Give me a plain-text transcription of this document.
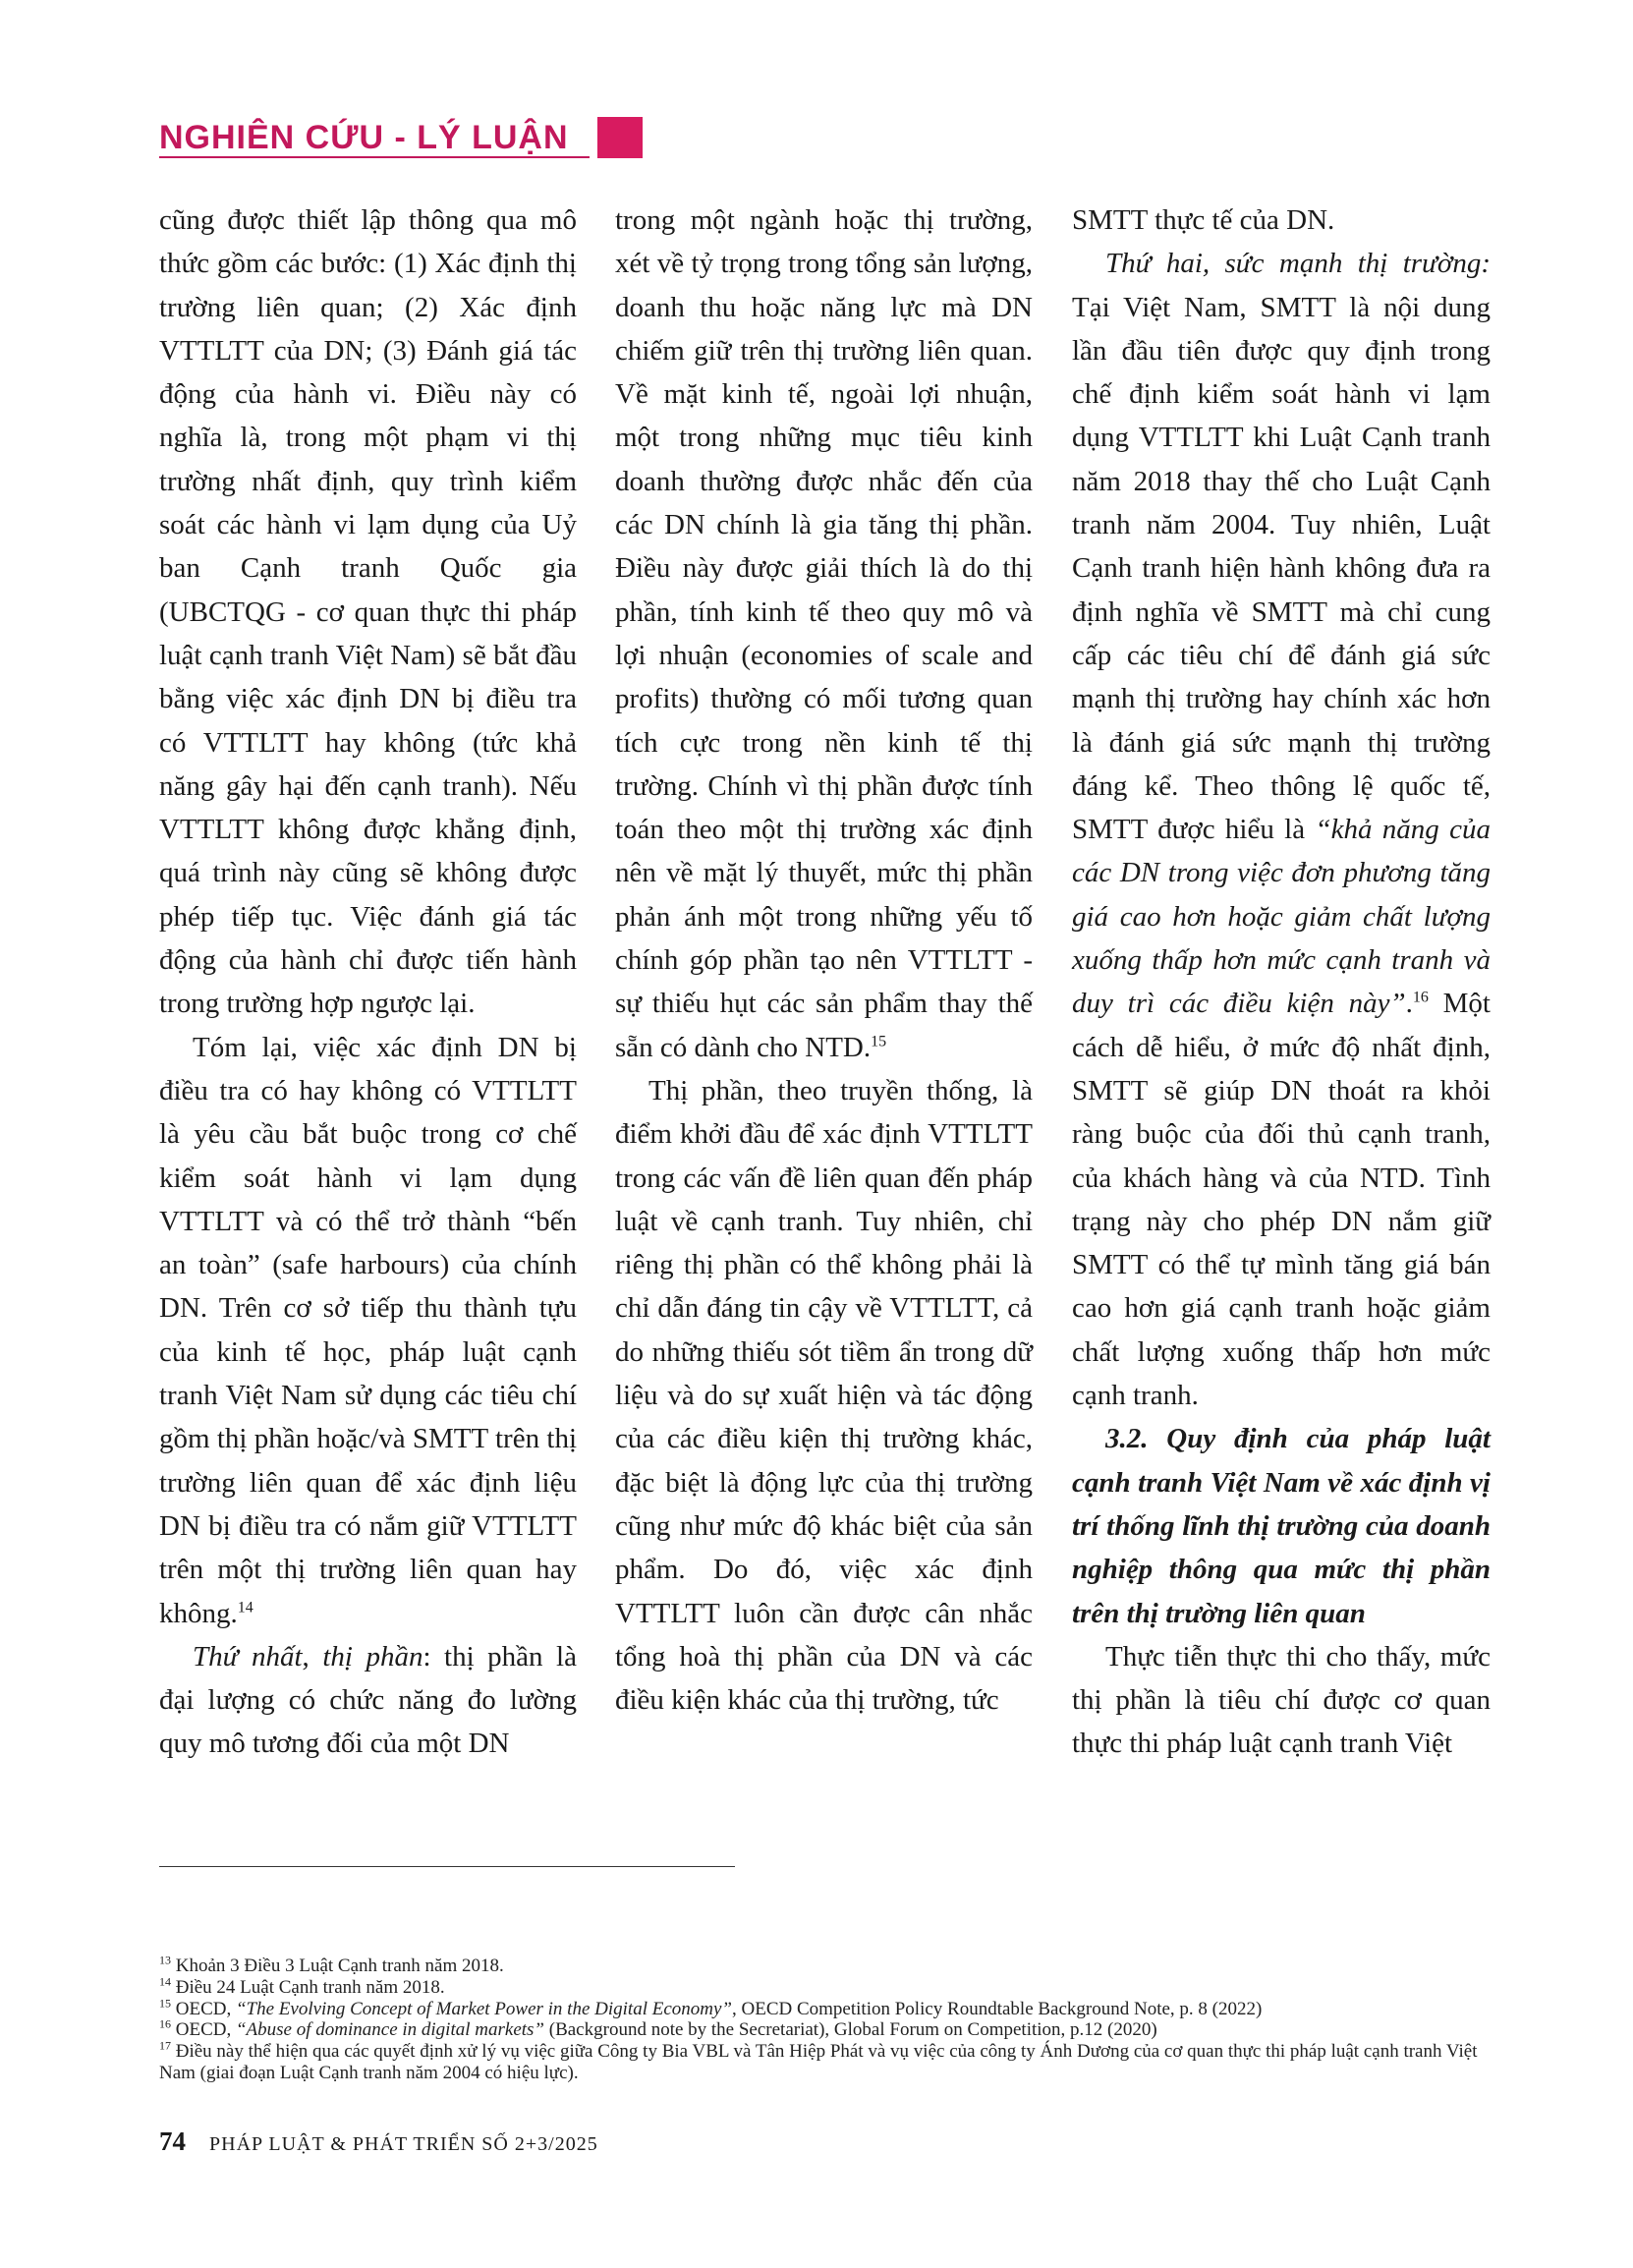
NGHIÊN CỨU - LÝ LUẬN

cũng được thiết lập thông qua mô thức gồm các bước: (1) Xác định thị trường liên quan; (2) Xác định VTTLTT của DN; (3) Đánh giá tác động của hành vi. Điều này có nghĩa là, trong một phạm vi thị trường nhất định, quy trình kiểm soát các hành vi lạm dụng của Uỷ ban Cạnh tranh Quốc gia (UBCTQG - cơ quan thực thi pháp luật cạnh tranh Việt Nam) sẽ bắt đầu bằng việc xác định DN bị điều tra có VTTLTT hay không (tức khả năng gây hại đến cạnh tranh). Nếu VTTLTT không được khẳng định, quá trình này cũng sẽ không được phép tiếp tục. Việc đánh giá tác động của hành chỉ được tiến hành trong trường hợp ngược lại.

Tóm lại, việc xác định DN bị điều tra có hay không có VTTLTT là yêu cầu bắt buộc trong cơ chế kiểm soát hành vi lạm dụng VTTLTT và có thể trở thành “bến an toàn” (safe harbours) của chính DN. Trên cơ sở tiếp thu thành tựu của kinh tế học, pháp luật cạnh tranh Việt Nam sử dụng các tiêu chí gồm thị phần hoặc/và SMTT trên thị trường liên quan để xác định liệu DN bị điều tra có nắm giữ VTTLTT trên một thị trường liên quan hay không.$^{14}$

Thứ nhất, thị phần: thị phần là đại lượng có chức năng đo lường quy mô tương đối của một DN

trong một ngành hoặc thị trường, xét về tỷ trọng trong tổng sản lượng, doanh thu hoặc năng lực mà DN chiếm giữ trên thị trường liên quan. Về mặt kinh tế, ngoài lợi nhuận, một trong những mục tiêu kinh doanh thường được nhắc đến của các DN chính là gia tăng thị phần. Điều này được giải thích là do thị phần, tính kinh tế theo quy mô và lợi nhuận (economies of scale and profits) thường có mối tương quan tích cực trong nền kinh tế thị trường. Chính vì thị phần được tính toán theo một thị trường xác định nên về mặt lý thuyết, mức thị phần phản ánh một trong những yếu tố chính góp phần tạo nên VTTLTT - sự thiếu hụt các sản phẩm thay thế sẵn có dành cho NTD.$^{15}$

Thị phần, theo truyền thống, là điểm khởi đầu để xác định VTTLTT trong các vấn đề liên quan đến pháp luật về cạnh tranh. Tuy nhiên, chỉ riêng thị phần có thể không phải là chỉ dẫn đáng tin cậy về VTTLTT, cả do những thiếu sót tiềm ẩn trong dữ liệu và do sự xuất hiện và tác động của các điều kiện thị trường khác, đặc biệt là động lực của thị trường cũng như mức độ khác biệt của sản phẩm. Do đó, việc xác định VTTLTT luôn cần được cân nhắc tổng hoà thị phần của DN và các điều kiện khác của thị trường, tức

SMTT thực tế của DN.

Thứ hai, sức mạnh thị trường: Tại Việt Nam, SMTT là nội dung lần đầu tiên được quy định trong chế định kiểm soát hành vi lạm dụng VTTLTT khi Luật Cạnh tranh năm 2018 thay thế cho Luật Cạnh tranh năm 2004. Tuy nhiên, Luật Cạnh tranh hiện hành không đưa ra định nghĩa về SMTT mà chỉ cung cấp các tiêu chí để đánh giá sức mạnh thị trường hay chính xác hơn là đánh giá sức mạnh thị trường đáng kể. Theo thông lệ quốc tế, SMTT được hiểu là “khả năng của các DN trong việc đơn phương tăng giá cao hơn hoặc giảm chất lượng xuống thấp hơn mức cạnh tranh và duy trì các điều kiện này”.$^{16}$ Một cách dễ hiểu, ở mức độ nhất định, SMTT sẽ giúp DN thoát ra khỏi ràng buộc của đối thủ cạnh tranh, của khách hàng và của NTD. Tình trạng này cho phép DN nắm giữ SMTT có thể tự mình tăng giá bán cao hơn giá cạnh tranh hoặc giảm chất lượng xuống thấp hơn mức cạnh tranh.

3.2. Quy định của pháp luật cạnh tranh Việt Nam về xác định vị trí thống lĩnh thị trường của doanh nghiệp thông qua mức thị phần trên thị trường liên quan

Thực tiễn thực thi cho thấy, mức thị phần là tiêu chí được cơ quan thực thi pháp luật cạnh tranh Việt

$^{13}$ Khoản 3 Điều 3 Luật Cạnh tranh năm 2018.
$^{14}$ Điều 24 Luật Cạnh tranh năm 2018.
$^{15}$ OECD, “The Evolving Concept of Market Power in the Digital Economy”, OECD Competition Policy Roundtable Background Note, p. 8 (2022)
$^{16}$ OECD, “Abuse of dominance in digital markets” (Background note by the Secretariat), Global Forum on Competition, p.12 (2020)
$^{17}$ Điều này thể hiện qua các quyết định xử lý vụ việc giữa Công ty Bia VBL và Tân Hiệp Phát và vụ việc của công ty Ánh Dương của cơ quan thực thi pháp luật cạnh tranh Việt Nam (giai đoạn Luật Cạnh tranh năm 2004 có hiệu lực).
74 PHÁP LUẬT & PHÁT TRIỂN SỐ 2+3/2025
